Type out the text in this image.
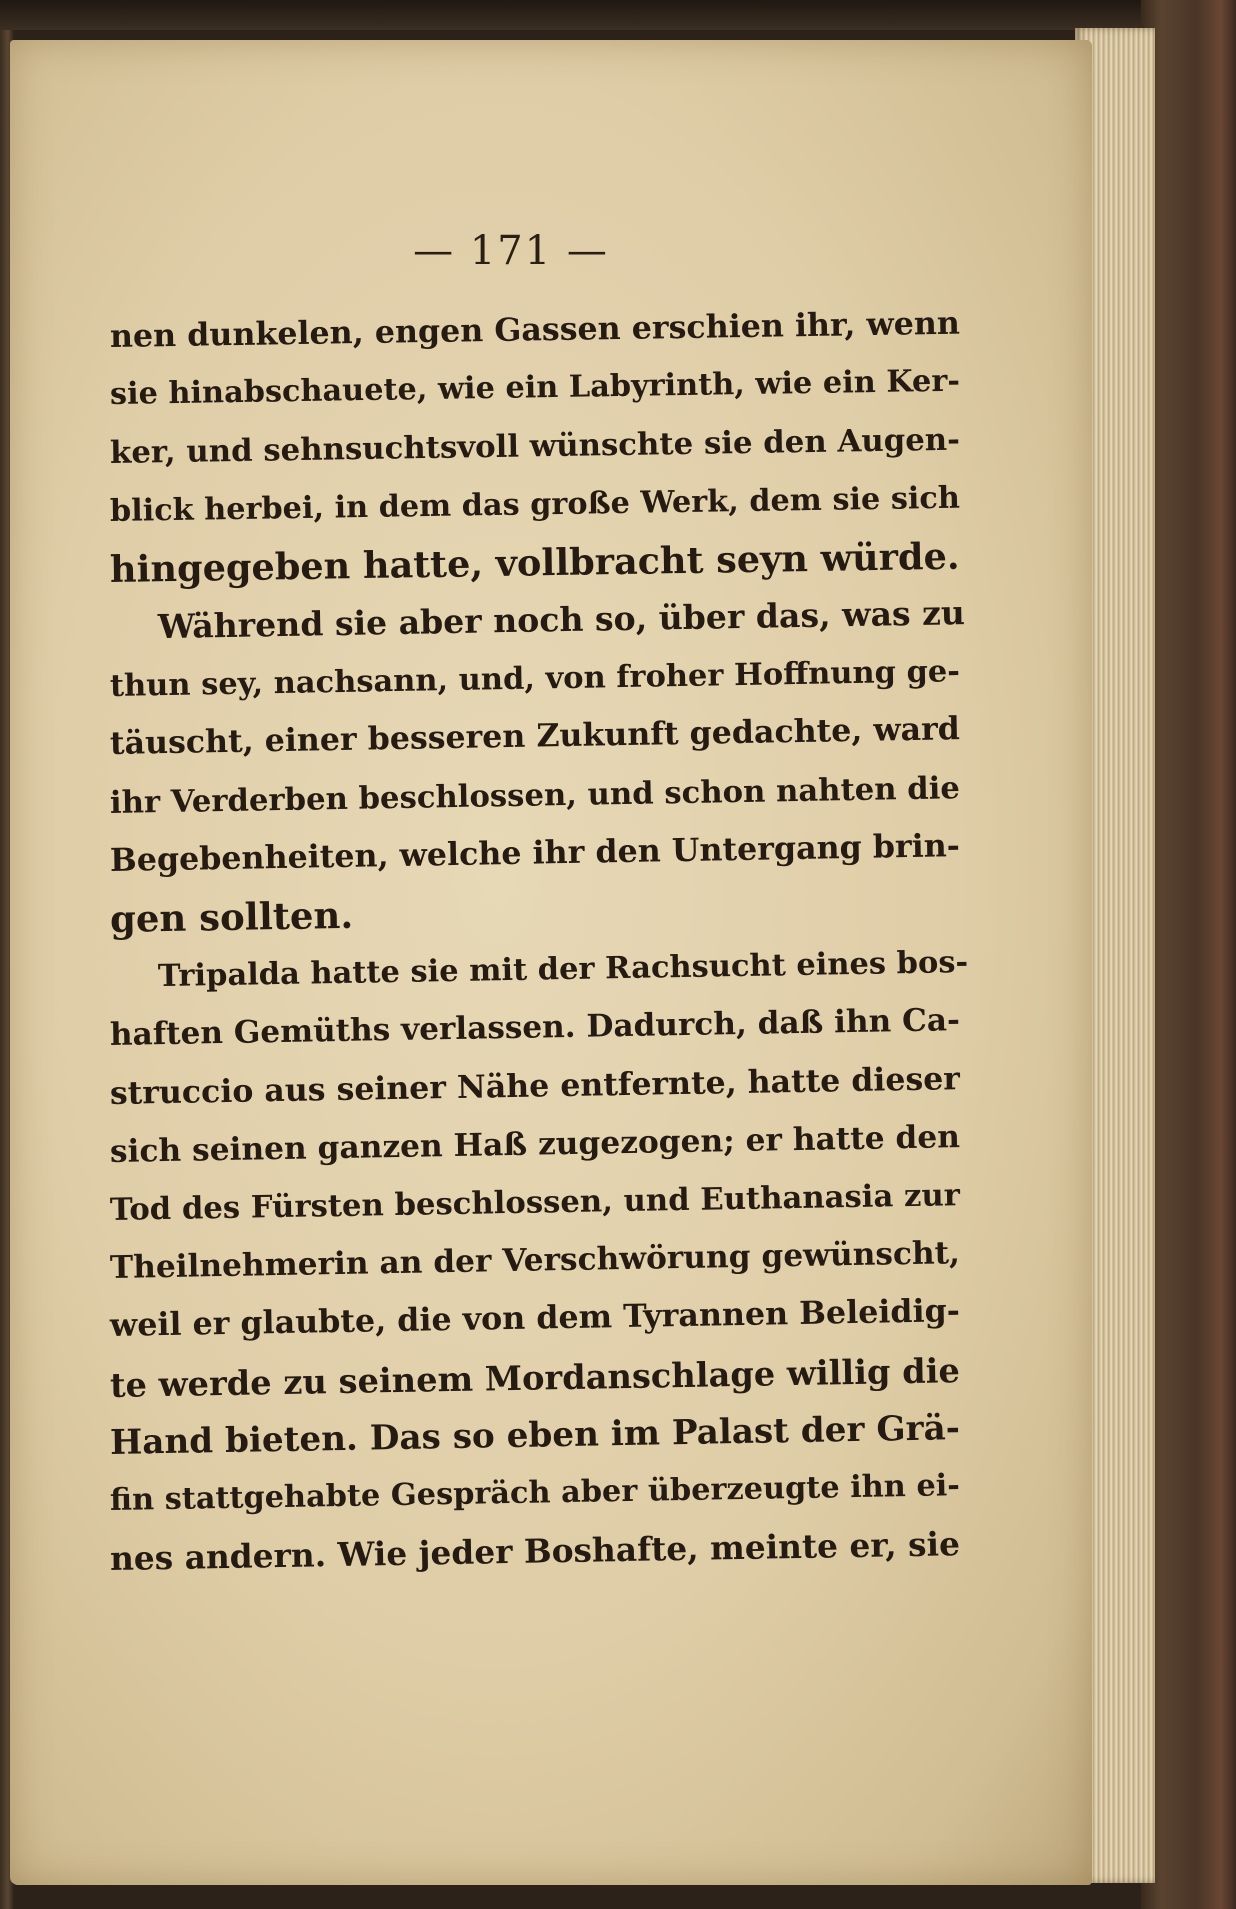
— 171 —
nen dunkelen, engen Gassen erschien ihr, wenn
sie hinabschauete, wie ein Labyrinth, wie ein Ker-
ker, und sehnsuchtsvoll wünschte sie den Augen-
blick herbei, in dem das große Werk, dem sie sich
hingegeben hatte, vollbracht seyn würde.
Während sie aber noch so, über das, was zu
thun sey, nachsann, und, von froher Hoffnung ge-
täuscht, einer besseren Zukunft gedachte, ward
ihr Verderben beschlossen, und schon nahten die
Begebenheiten, welche ihr den Untergang brin-
gen sollten.
Tripalda hatte sie mit der Rachsucht eines bos-
haften Gemüths verlassen. Dadurch, daß ihn Ca-
struccio aus seiner Nähe entfernte, hatte dieser
sich seinen ganzen Haß zugezogen; er hatte den
Tod des Fürsten beschlossen, und Euthanasia zur
Theilnehmerin an der Verschwörung gewünscht,
weil er glaubte, die von dem Tyrannen Beleidig-
te werde zu seinem Mordanschlage willig die
Hand bieten. Das so eben im Palast der Grä-
fin stattgehabte Gespräch aber überzeugte ihn ei-
nes andern. Wie jeder Boshafte, meinte er, sie
